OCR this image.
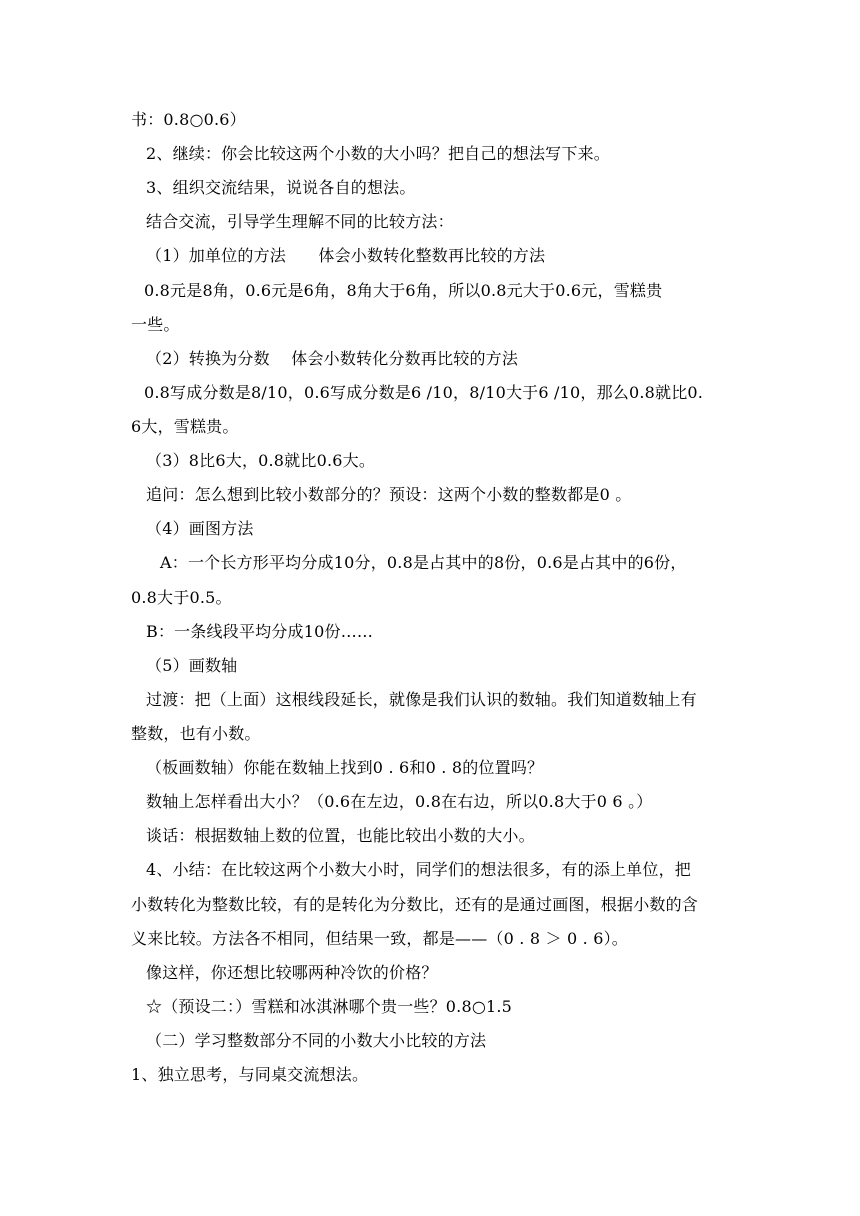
书：0.8○0.6）
2、继续：你会比较这两个小数的大小吗？把自己的想法写下来。
3、组织交流结果，说说各自的想法。
结合交流，引导学生理解不同的比较方法：
（1）加单位的方法　　体会小数转化整数再比较的方法
0.8元是8角，0.6元是6角，8角大于6角，所以0.8元大于0.6元，雪糕贵
一些。
（2）转换为分数　 体会小数转化分数再比较的方法
0.8写成分数是8/10，0.6写成分数是6 /10，8/10大于6 /10，那么0.8就比0.
6大，雪糕贵。
（3）8比6大，0.8就比0.6大。
追问：怎么想到比较小数部分的？预设：这两个小数的整数都是0 。
（4）画图方法
A：一个长方形平均分成10分，0.8是占其中的8份，0.6是占其中的6份，
0.8大于0.5。
B：一条线段平均分成10份……
（5）画数轴
过渡：把（上面）这根线段延长，就像是我们认识的数轴。我们知道数轴上有
整数，也有小数。
（板画数轴）你能在数轴上找到0 . 6和0 . 8的位置吗？
数轴上怎样看出大小？（0.6在左边，0.8在右边，所以0.8大于0 6 。）
谈话：根据数轴上数的位置，也能比较出小数的大小。
4、小结：在比较这两个小数大小时，同学们的想法很多，有的添上单位，把
小数转化为整数比较，有的是转化为分数比，还有的是通过画图，根据小数的含
义来比较。方法各不相同，但结果一致，都是——（0 . 8 ＞ 0 . 6）。
像这样，你还想比较哪两种冷饮的价格？
☆（预设二：）雪糕和冰淇淋哪个贵一些？0.8○1.5
（二）学习整数部分不同的小数大小比较的方法
1、独立思考，与同桌交流想法。
